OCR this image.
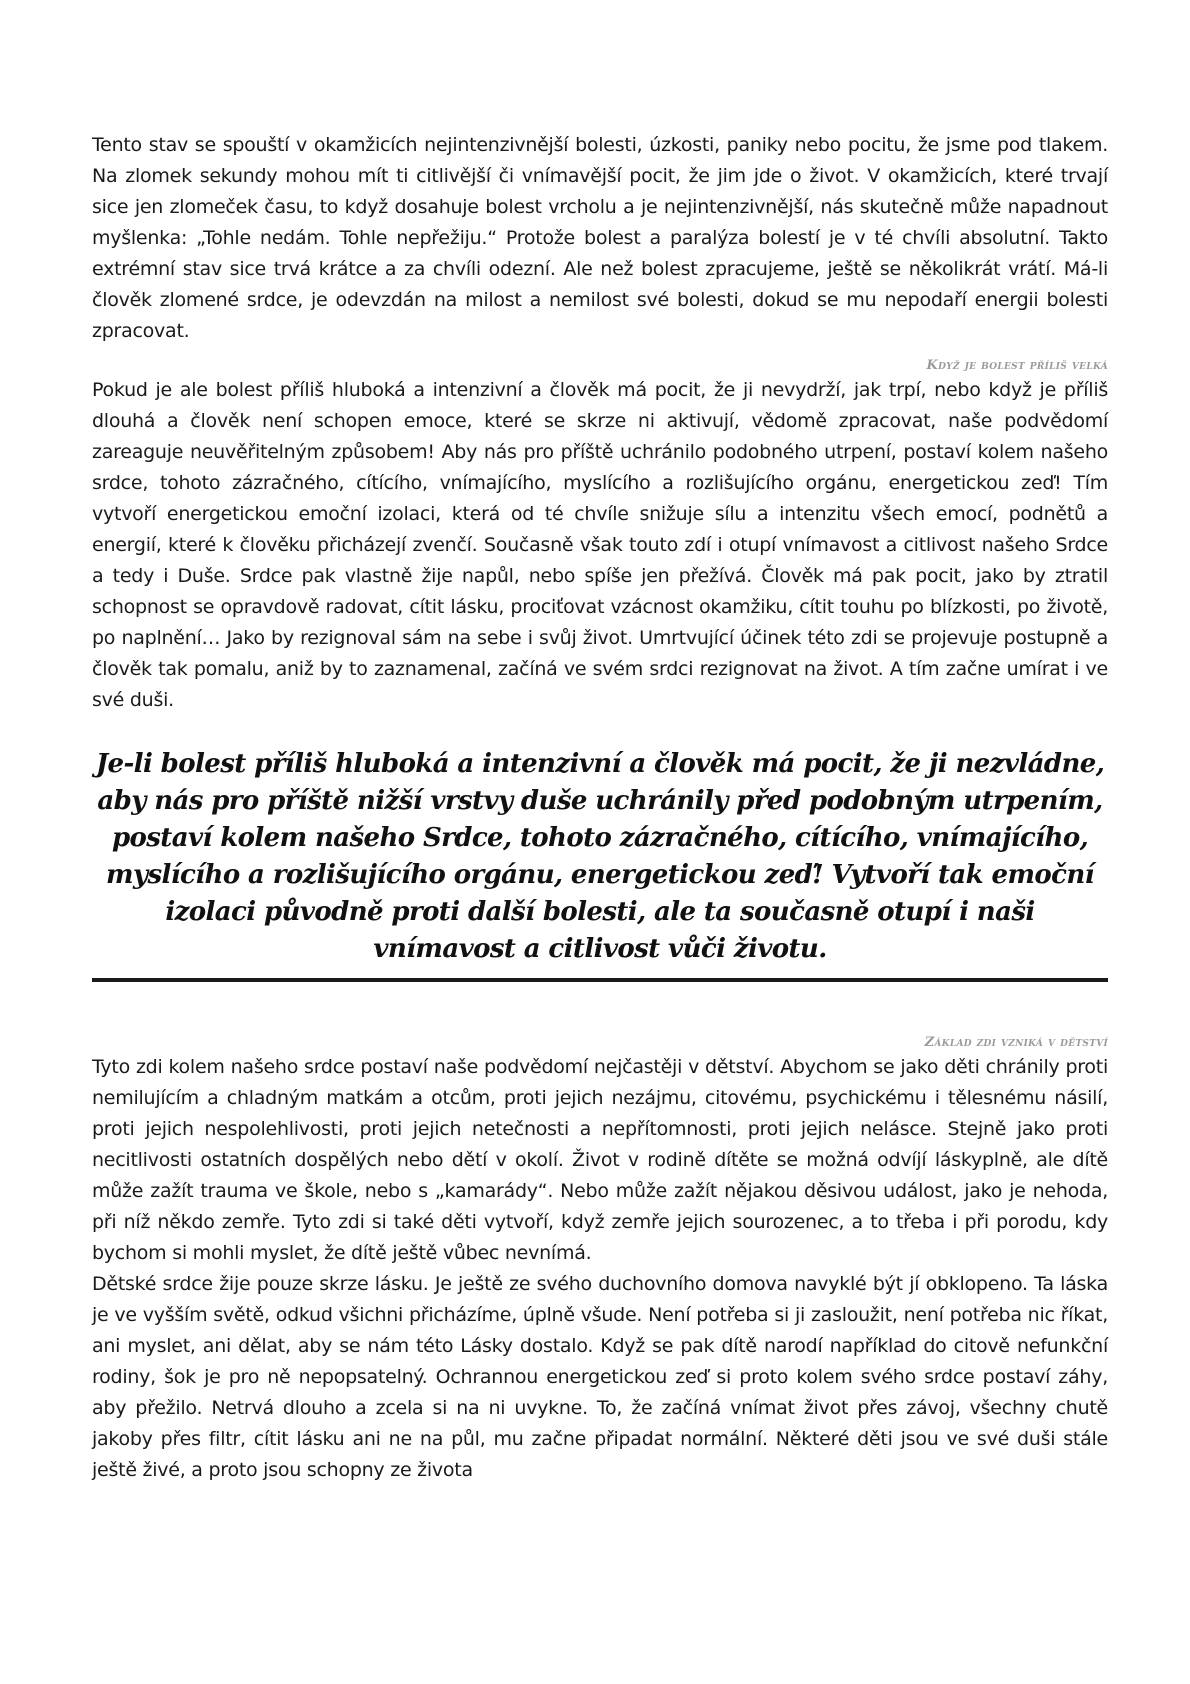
Tento stav se spouští v okamžicích nejintenzivnější bolesti, úzkosti, paniky nebo pocitu, že jsme pod tlakem. Na zlomek sekundy mohou mít ti citlivější či vnímavější pocit, že jim jde o život. V okamžicích, které trvají sice jen zlomeček času, to když dosahuje bolest vrcholu a je nejintenzivnější, nás skutečně může napadnout myšlenka: „Tohle nedám. Tohle nepřežiju.“ Protože bolest a paralýza bolestí je v té chvíli absolutní. Takto extrémní stav sice trvá krátce a za chvíli odezní. Ale než bolest zpracujeme, ještě se několikrát vrátí. Má-li člověk zlomené srdce, je odevzdán na milost a nemilost své bolesti, dokud se mu nepodaří energii bolesti zpracovat.

Když je bolest příliš velká

Pokud je ale bolest příliš hluboká a intenzivní a člověk má pocit, že ji nevydrží, jak trpí, nebo když je příliš dlouhá a člověk není schopen emoce, které se skrze ni aktivují, vědomě zpracovat, naše podvědomí zareaguje neuvěřitelným způsobem! Aby nás pro příště uchránilo podobného utrpení, postaví kolem našeho srdce, tohoto zázračného, cítícího, vnímajícího, myslícího a rozlišujícího orgánu, energetickou zeď! Tím vytvoří energetickou emoční izolaci, která od té chvíle snižuje sílu a intenzitu všech emocí, podnětů a energií, které k člověku přicházejí zvenčí. Současně však touto zdí i otupí vnímavost a citlivost našeho Srdce a tedy i Duše. Srdce pak vlastně žije napůl, nebo spíše jen přežívá. Člověk má pak pocit, jako by ztratil schopnost se opravdově radovat, cítit lásku, prociťovat vzácnost okamžiku, cítit touhu po blízkosti, po životě, po naplnění… Jako by rezignoval sám na sebe i svůj život. Umrtvující účinek této zdi se projevuje postupně a člověk tak pomalu, aniž by to zaznamenal, začíná ve svém srdci rezignovat na život. A tím začne umírat i ve své duši.

Je-li bolest příliš hluboká a intenzivní a člověk má pocit, že ji nezvládne, aby nás pro příště nižší vrstvy duše uchránily před podobným utrpením, postaví kolem našeho Srdce, tohoto zázračného, cítícího, vnímajícího, myslícího a rozlišujícího orgánu, energetickou zeď! Vytvoří tak emoční izolaci původně proti další bolesti, ale ta současně otupí i naši vnímavost a citlivost vůči životu.
Základ zdi vzniká v dětství

Tyto zdi kolem našeho srdce postaví naše podvědomí nejčastěji v dětství. Abychom se jako děti chránily proti nemilujícím a chladným matkám a otcům, proti jejich nezájmu, citovému, psychickému i tělesnému násilí, proti jejich nespolehlivosti, proti jejich netečnosti a nepřítomnosti, proti jejich nelásce. Stejně jako proti necitlivosti ostatních dospělých nebo dětí v okolí. Život v rodině dítěte se možná odvíjí láskyplně, ale dítě může zažít trauma ve škole, nebo s „kamarády“. Nebo může zažít nějakou děsivou událost, jako je nehoda, při níž někdo zemře. Tyto zdi si také děti vytvoří, když zemře jejich sourozenec, a to třeba i při porodu, kdy bychom si mohli myslet, že dítě ještě vůbec nevnímá.

Dětské srdce žije pouze skrze lásku. Je ještě ze svého duchovního domova navyklé být jí obklopeno. Ta láska je ve vyšším světě, odkud všichni přicházíme, úplně všude. Není potřeba si ji zasloužit, není potřeba nic říkat, ani myslet, ani dělat, aby se nám této Lásky dostalo. Když se pak dítě narodí například do citově nefunkční rodiny, šok je pro ně nepopsatelný. Ochrannou energetickou zeď si proto kolem svého srdce postaví záhy, aby přežilo. Netrvá dlouho a zcela si na ni uvykne. To, že začíná vnímat život přes závoj, všechny chutě jakoby přes filtr, cítit lásku ani ne na půl, mu začne připadat normální. Některé děti jsou ve své duši stále ještě živé, a proto jsou schopny ze života
